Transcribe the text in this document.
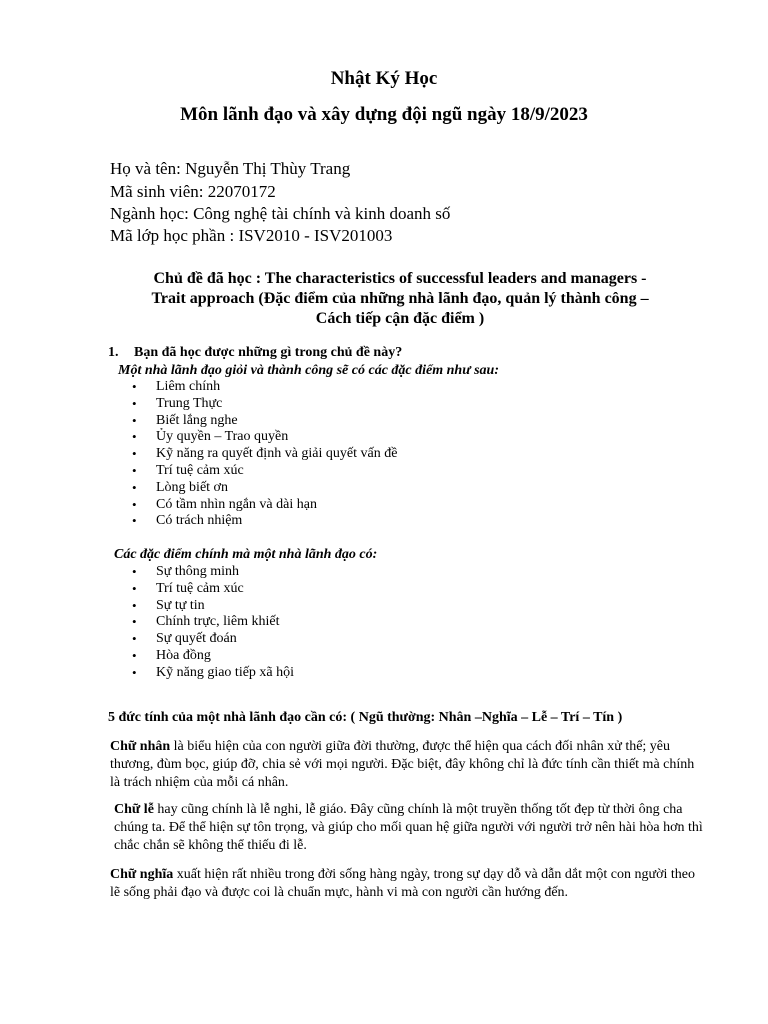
Nhật Ký Học
Môn lãnh đạo và xây dựng đội ngũ ngày 18/9/2023
Họ và tên: Nguyễn Thị Thùy Trang
Mã sinh viên: 22070172
Ngành học: Công nghệ tài chính và kinh doanh số
Mã lớp học phần : ISV2010 - ISV201003
Chủ đề đã học : The characteristics of successful leaders and managers -
Trait approach (Đặc điểm của những nhà lãnh đạo, quản lý thành công –
Cách tiếp cận đặc điểm )
1. Bạn đã học được những gì trong chủ đề này?
Một nhà lãnh đạo giỏi và thành công sẽ có các đặc điểm như sau:
• Liêm chính
• Trung Thực
• Biết lắng nghe
• Ủy quyền – Trao quyền
• Kỹ năng ra quyết định và giải quyết vấn đề
• Trí tuệ cảm xúc
• Lòng biết ơn
• Có tầm nhìn ngắn và dài hạn
• Có trách nhiệm
Các đặc điểm chính mà một nhà lãnh đạo có:
• Sự thông minh
• Trí tuệ cảm xúc
• Sự tự tin
• Chính trực, liêm khiết
• Sự quyết đoán
• Hòa đồng
• Kỹ năng giao tiếp xã hội
5 đức tính của một nhà lãnh đạo cần có: ( Ngũ thường: Nhân –Nghĩa – Lễ – Trí – Tín )
Chữ nhân là biểu hiện của con người giữa đời thường, được thể hiện qua cách đối nhân xử thế; yêu thương, đùm bọc, giúp đỡ, chia sẻ với mọi người. Đặc biệt, đây không chỉ là đức tính cần thiết mà chính là trách nhiệm của mỗi cá nhân.
Chữ lễ hay cũng chính là lễ nghi, lễ giáo. Đây cũng chính là một truyền thống tốt đẹp từ thời ông cha chúng ta. Để thể hiện sự tôn trọng, và giúp cho mối quan hệ giữa người với người trở nên hài hòa hơn thì chắc chắn sẽ không thể thiếu đi lễ.
Chữ nghĩa xuất hiện rất nhiều trong đời sống hàng ngày, trong sự dạy dỗ và dẫn dắt một con người theo lẽ sống phải đạo và được coi là chuẩn mực, hành vi mà con người cần hướng đến.
